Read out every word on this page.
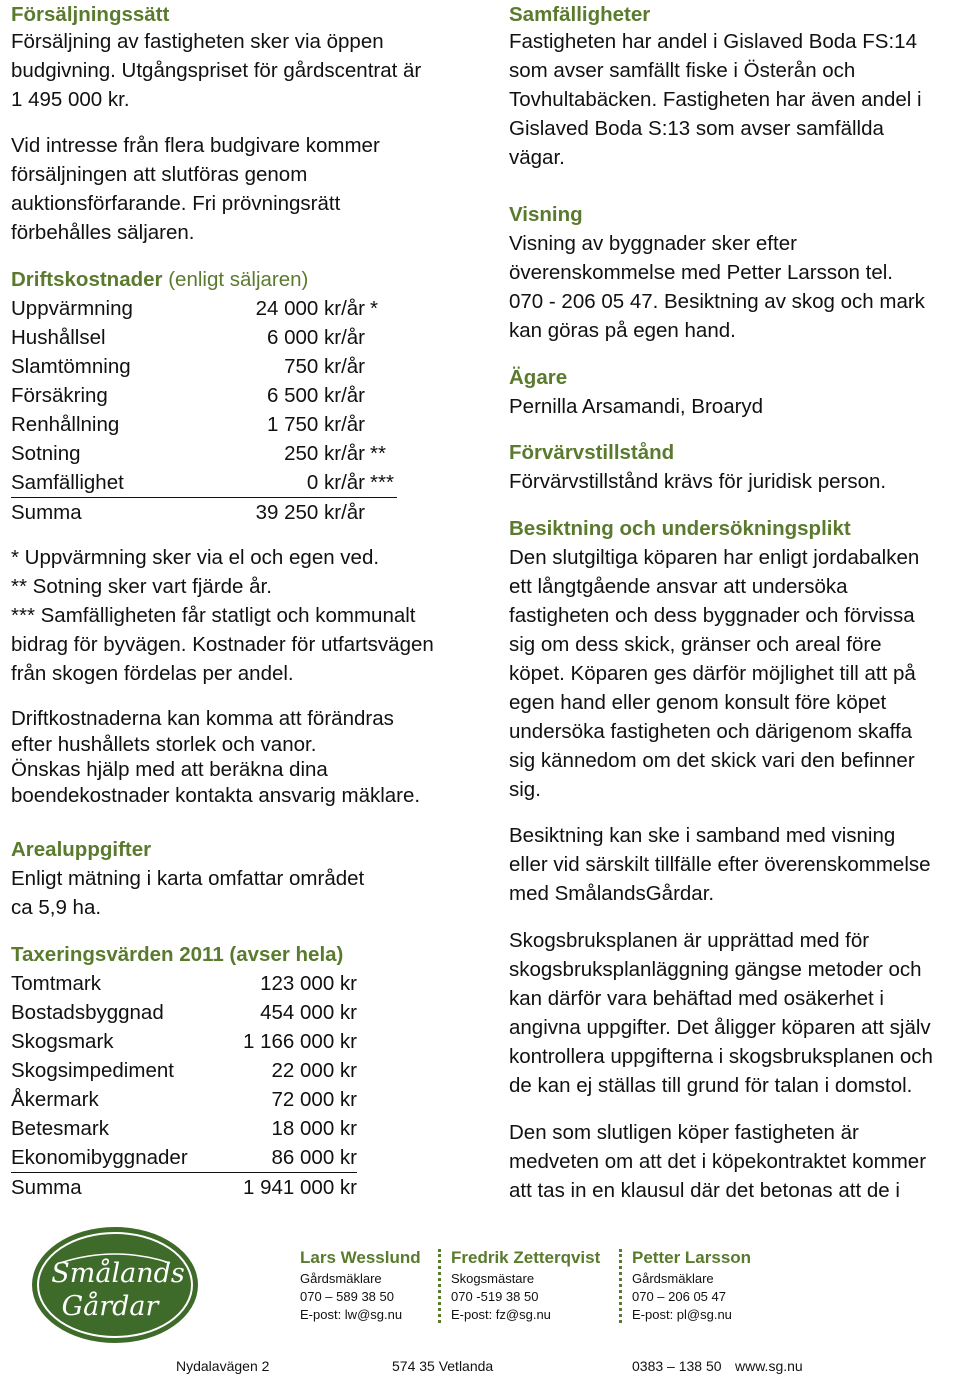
Försäljningssätt

Försäljning av fastigheten sker via öppen

budgivning. Utgångspriset för gårdscentrat är

1 495 000 kr.

Vid intresse från flera budgivare kommer

försäljningen att slutföras genom

auktionsförfarande. Fri prövningsrätt

förbehålles säljaren.

Driftskostnader (enligt säljaren)

Uppvärmning	24 000 kr/år *
Hushållsel	6 000 kr/år
Slamtömning	750 kr/år
Försäkring	6 500 kr/år
Renhållning	1 750 kr/år
Sotning	250 kr/år **
Samfällighet	0 kr/år ***
Summa	39 250 kr/år

* Uppvärmning sker via el och egen ved.

** Sotning sker vart fjärde år.

*** Samfälligheten får statligt och kommunalt

bidrag för byvägen. Kostnader för utfartsvägen

från skogen fördelas per andel.

Driftkostnaderna kan komma att förändras

efter hushållets storlek och vanor.

Önskas hjälp med att beräkna dina

boendekostnader kontakta ansvarig mäklare.

Arealuppgifter

Enligt mätning i karta omfattar området

ca 5,9 ha.

Taxeringsvärden 2011 (avser hela)

Tomtmark	123 000 kr
Bostadsbyggnad	454 000 kr
Skogsmark	1 166 000 kr
Skogsimpediment	22 000 kr
Åkermark	72 000 kr
Betesmark	18 000 kr
Ekonomibyggnader	86 000 kr
Summa	1 941 000 kr

Samfälligheter

Fastigheten har andel i Gislaved Boda FS:14

som avser samfällt fiske i Österån och

Tovhultabäcken. Fastigheten har även andel i

Gislaved Boda S:13 som avser samfällda

vägar.

Visning

Visning av byggnader sker efter

överenskommelse med Petter Larsson tel.

070 - 206 05 47. Besiktning av skog och mark

kan göras på egen hand.

Ägare

Pernilla Arsamandi, Broaryd

Förvärvstillstånd

Förvärvstillstånd krävs för juridisk person.

Besiktning och undersökningsplikt

Den slutgiltiga köparen har enligt jordabalken

ett långtgående ansvar att undersöka

fastigheten och dess byggnader och förvissa

sig om dess skick, gränser och areal före

köpet. Köparen ges därför möjlighet till att på

egen hand eller genom konsult före köpet

undersöka fastigheten och därigenom skaffa

sig kännedom om det skick vari den befinner

sig.

Besiktning kan ske i samband med visning

eller vid särskilt tillfälle efter överenskommelse

med SmålandsGårdar.

Skogsbruksplanen är upprättad med för

skogsbruksplanläggning gängse metoder och

kan därför vara behäftad med osäkerhet i

angivna uppgifter. Det åligger köparen att själv

kontrollera uppgifterna i skogsbruksplanen och

de kan ej ställas till grund för talan i domstol.

Den som slutligen köper fastigheten är

medveten om att det i köpekontraktet kommer

att tas in en klausul där det betonas att de i

Smålands
Gårdar
Lars Wesslund
Gårdsmäklare
070 – 589 38 50
E-post: lw@sg.nu
Fredrik Zetterqvist
Skogsmästare
070 -519 38 50
E-post: fz@sg.nu
Petter Larsson
Gårdsmäklare
070 – 206 05 47
E-post: pl@sg.nu
Nydalavägen 2	574 35 Vetlanda	0383 – 138 50 www.sg.nu
